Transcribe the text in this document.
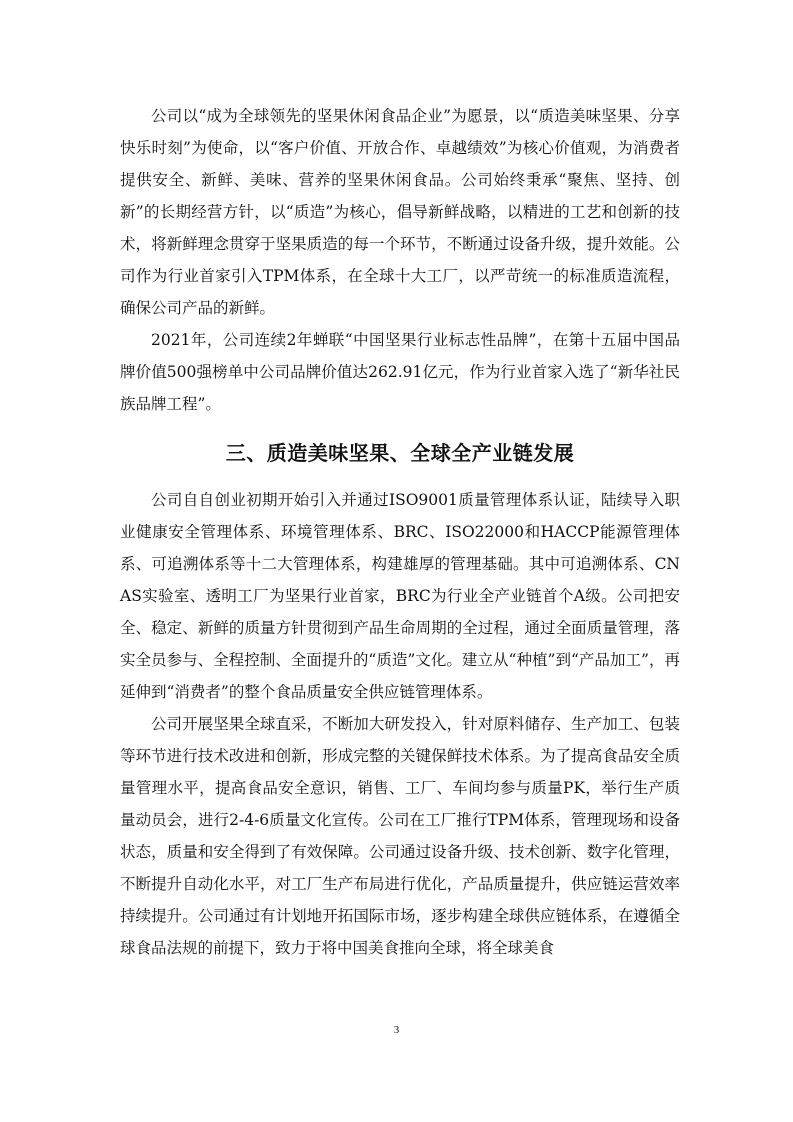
公司以“成为全球领先的坚果休闲食品企业”为愿景，以“质造美味坚果、分享快乐时刻”为使命，以“客户价值、开放合作、卓越绩效”为核心价值观，为消费者提供安全、新鲜、美味、营养的坚果休闲食品。公司始终秉承“聚焦、坚持、创新”的长期经营方针，以“质造”为核心，倡导新鲜战略，以精进的工艺和创新的技术，将新鲜理念贯穿于坚果质造的每一个环节，不断通过设备升级，提升效能。公司作为行业首家引入TPM体系，在全球十大工厂，以严苛统一的标准质造流程，确保公司产品的新鲜。

2021年，公司连续2年蝉联“中国坚果行业标志性品牌”，在第十五届中国品牌价值500强榜单中公司品牌价值达262.91亿元，作为行业首家入选了“新华社民族品牌工程”。

三、质造美味坚果、全球全产业链发展

公司自自创业初期开始引入并通过ISO9001质量管理体系认证，陆续导入职业健康安全管理体系、环境管理体系、BRC、ISO22000和HACCP能源管理体系、可追溯体系等十二大管理体系，构建雄厚的管理基础。其中可追溯体系、CNAS实验室、透明工厂为坚果行业首家，BRC为行业全产业链首个A级。公司把安全、稳定、新鲜的质量方针贯彻到产品生命周期的全过程，通过全面质量管理，落实全员参与、全程控制、全面提升的“质造”文化。建立从“种植”到“产品加工”，再延伸到“消费者”的整个食品质量安全供应链管理体系。

公司开展坚果全球直采，不断加大研发投入，针对原料储存、生产加工、包装等环节进行技术改进和创新，形成完整的关键保鲜技术体系。为了提高食品安全质量管理水平，提高食品安全意识，销售、工厂、车间均参与质量PK，举行生产质量动员会，进行2-4-6质量文化宣传。公司在工厂推行TPM体系，管理现场和设备状态，质量和安全得到了有效保障。公司通过设备升级、技术创新、数字化管理，不断提升自动化水平，对工厂生产布局进行优化，产品质量提升，供应链运营效率持续提升。公司通过有计划地开拓国际市场，逐步构建全球供应链体系，在遵循全球食品法规的前提下，致力于将中国美食推向全球，将全球美食

3
